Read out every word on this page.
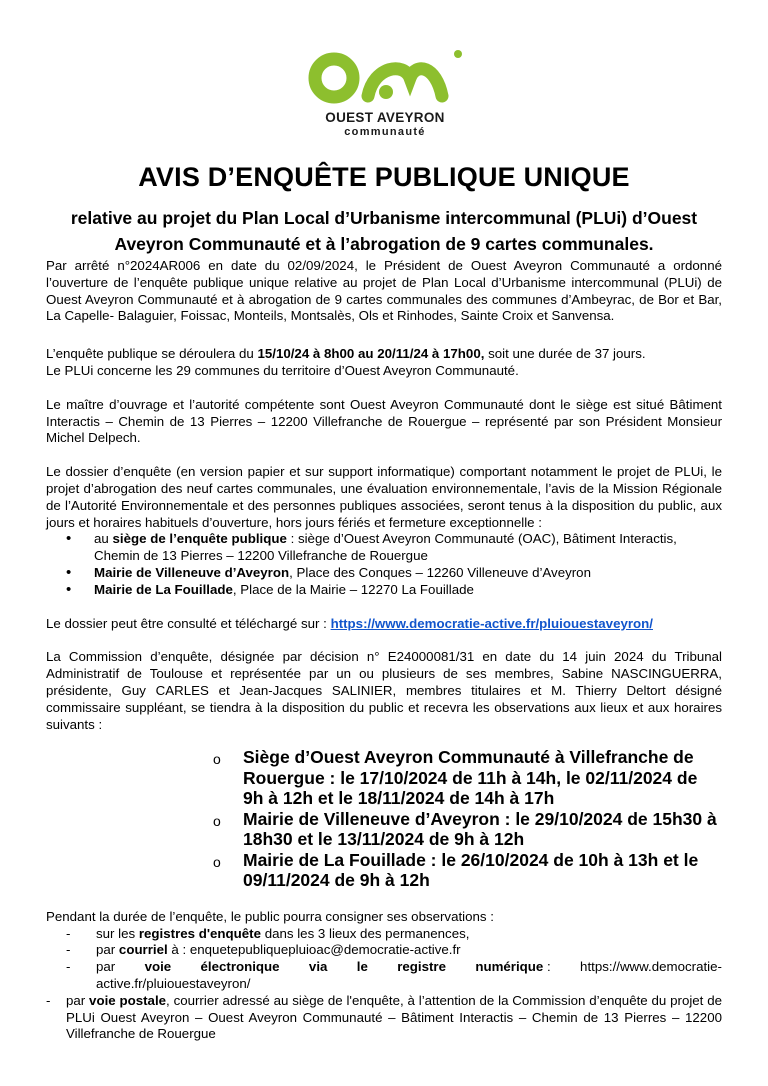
OUEST AVEYRON
communauté
AVIS D’ENQUÊTE PUBLIQUE UNIQUE
relative au projet du Plan Local d’Urbanisme intercommunal (PLUi) d’Ouest Aveyron Communauté et à l’abrogation de 9 cartes communales.

Par arrêté n°2024AR006 en date du 02/09/2024, le Président de Ouest Aveyron Communauté a ordonné l’ouverture de l’enquête publique unique relative au projet de Plan Local d’Urbanisme intercommunal (PLUi) de Ouest Aveyron Communauté et à abrogation de 9 cartes communales des communes d’Ambeyrac, de Bor et Bar, La Capelle- Balaguier, Foissac, Monteils, Montsalès, Ols et Rinhodes, Sainte Croix et Sanvensa.

L’enquête publique se déroulera du 15/10/24 à 8h00 au 20/11/24 à 17h00, soit une durée de 37 jours.
Le PLUi concerne les 29 communes du territoire d’Ouest Aveyron Communauté.

Le maître d’ouvrage et l’autorité compétente sont Ouest Aveyron Communauté dont le siège est situé Bâtiment Interactis – Chemin de 13 Pierres – 12200 Villefranche de Rouergue – représenté par son Président Monsieur Michel Delpech.

Le dossier d’enquête (en version papier et sur support informatique) comportant notamment le projet de PLUi, le projet d’abrogation des neuf cartes communales, une évaluation environnementale, l’avis de la Mission Régionale de l’Autorité Environnementale et des personnes publiques associées, seront tenus à la disposition du public, aux jours et horaires habituels d’ouverture, hors jours fériés et fermeture exceptionnelle :

• au siège de l’enquête publique : siège d’Ouest Aveyron Communauté (OAC), Bâtiment Interactis, Chemin de 13 Pierres – 12200 Villefranche de Rouergue
• Mairie de Villeneuve d’Aveyron, Place des Conques – 12260 Villeneuve d’Aveyron
• Mairie de La Fouillade, Place de la Mairie – 12270 La Fouillade

Le dossier peut être consulté et téléchargé sur : https://www.democratie-active.fr/pluiouestaveyron/

La Commission d’enquête, désignée par décision n° E24000081/31 en date du 14 juin 2024 du Tribunal Administratif de Toulouse et représentée par un ou plusieurs de ses membres, Sabine NASCINGUERRA, présidente, Guy CARLES et Jean-Jacques SALINIER, membres titulaires et M. Thierry Deltort désigné commissaire suppléant, se tiendra à la disposition du public et recevra les observations aux lieux et aux horaires suivants :

o Siège d’Ouest Aveyron Communauté à Villefranche de Rouergue : le 17/10/2024 de 11h à 14h, le 02/11/2024 de 9h à 12h et le 18/11/2024 de 14h à 17h
o Mairie de Villeneuve d’Aveyron : le 29/10/2024 de 15h30 à 18h30 et le 13/11/2024 de 9h à 12h
o Mairie de La Fouillade : le 26/10/2024 de 10h à 13h et le 09/11/2024 de 9h à 12h

Pendant la durée de l’enquête, le public pourra consigner ses observations :

- sur les registres d'enquête dans les 3 lieux des permanences,
- par courriel à : enquetepubliquepluioac@democratie-active.fr
- par voie électronique via le registre numérique : https://www.democratie-
active.fr/pluiouestaveyron/
- par voie postale, courrier adressé au siège de l'enquête, à l’attention de la Commission d’enquête du projet de PLUi Ouest Aveyron – Ouest Aveyron Communauté – Bâtiment Interactis – Chemin de 13 Pierres – 12200 Villefranche de Rouergue
